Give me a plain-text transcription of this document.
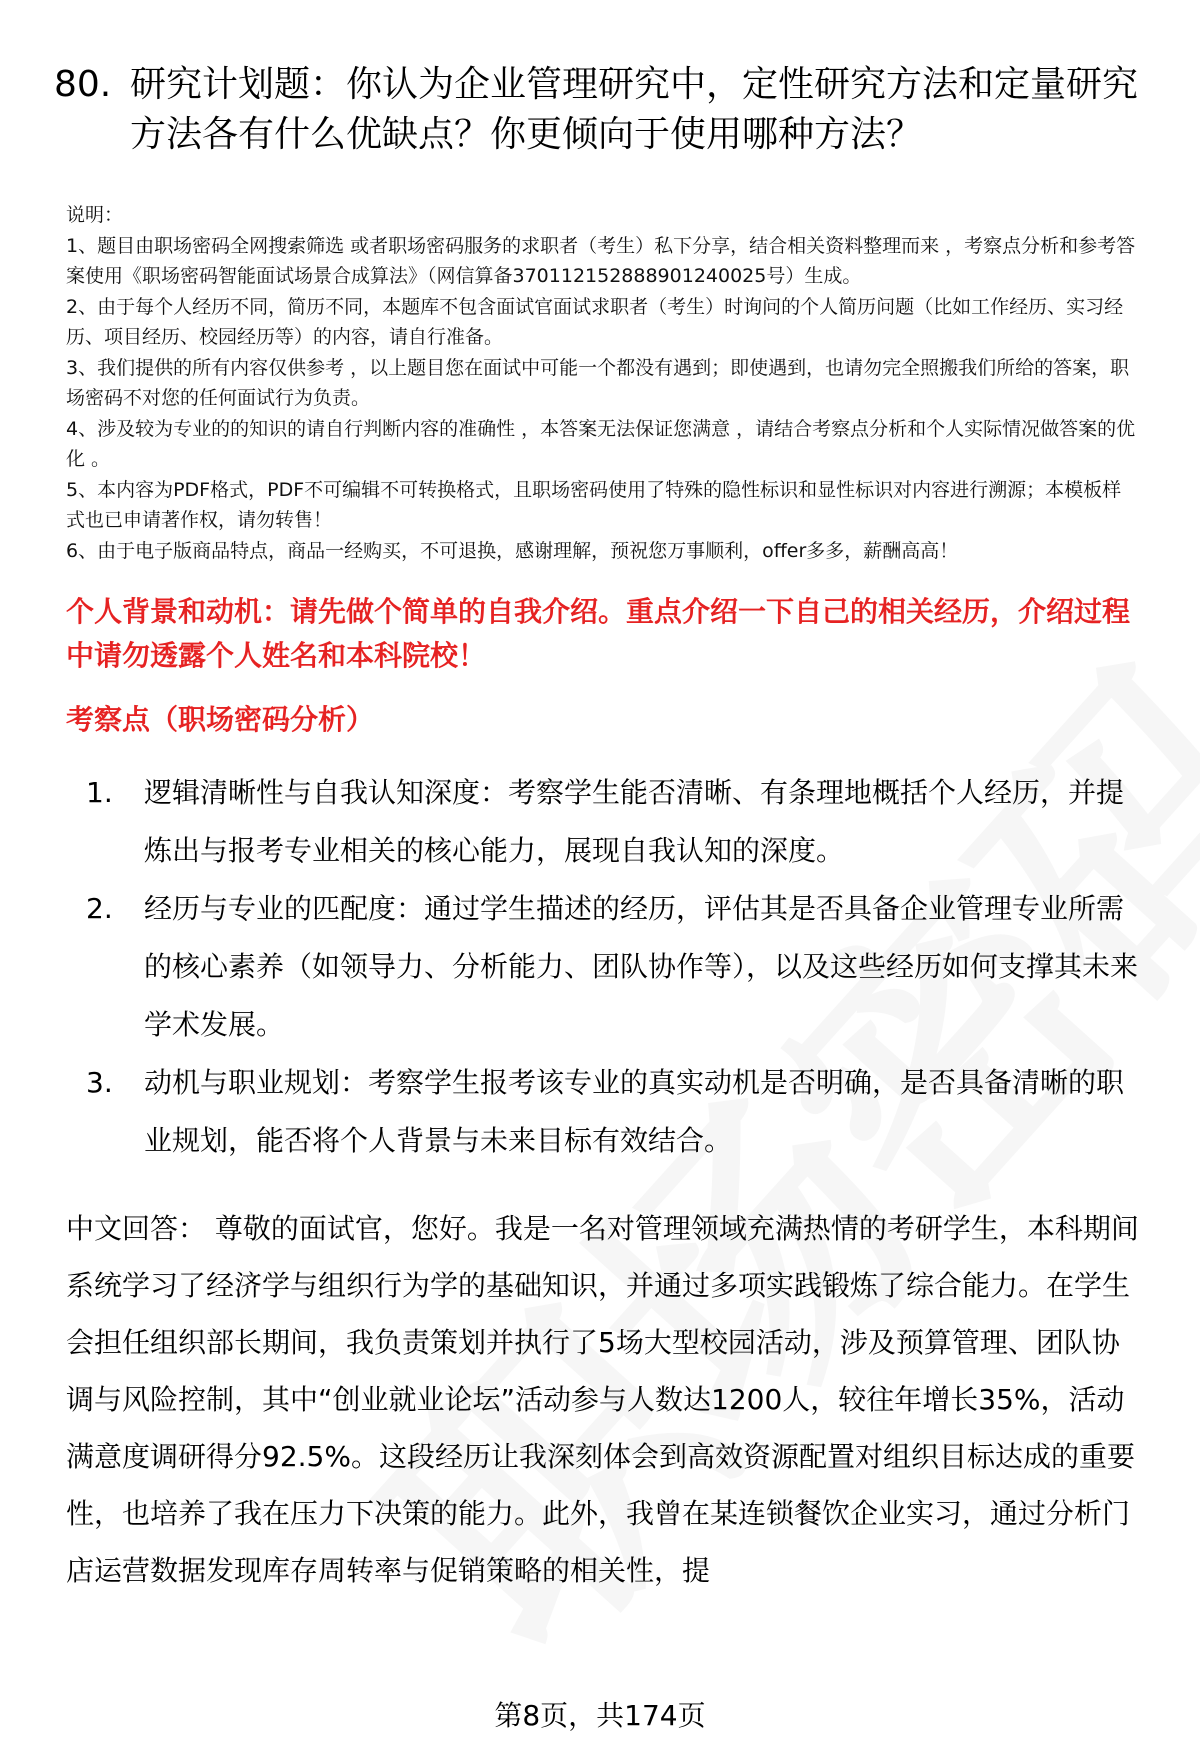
80. 研究计划题：你认为企业管理研究中，定性研究方法和定量研究方法各有什么优缺点？你更倾向于使用哪种方法？

说明：

1、题目由职场密码全网搜索筛选 或者职场密码服务的求职者（考生）私下分享，结合相关资料整理而来 ，考察点分析和参考答案使用《职场密码智能面试场景合成算法》（网信算备370112152888901240025号）生成。

2、由于每个人经历不同，简历不同，本题库不包含面试官面试求职者（考生）时询问的个人简历问题（比如工作经历、实习经历、项目经历、校园经历等）的内容，请自行准备。

3、我们提供的所有内容仅供参考 ，以上题目您在面试中可能一个都没有遇到；即使遇到，也请勿完全照搬我们所给的答案，职场密码不对您的任何面试行为负责。

4、涉及较为专业的的知识的请自行判断内容的准确性 ，本答案无法保证您满意 ，请结合考察点分析和个人实际情况做答案的优化 。

5、本内容为PDF格式，PDF不可编辑不可转换格式，且职场密码使用了特殊的隐性标识和显性标识对内容进行溯源；本模板样式也已申请著作权，请勿转售！

6、由于电子版商品特点，商品一经购买，不可退换，感谢理解，预祝您万事顺利，offer多多，薪酬高高！

个人背景和动机：请先做个简单的自我介绍。重点介绍一下自己的相关经历，介绍过程中请勿透露个人姓名和本科院校！
考察点（职场密码分析）
1.	逻辑清晰性与自我认知深度：考察学生能否清晰、有条理地概括个人经历，并提炼出与报考专业相关的核心能力，展现自我认知的深度。
2.	经历与专业的匹配度：通过学生描述的经历，评估其是否具备企业管理专业所需的核心素养（如领导力、分析能力、团队协作等），以及这些经历如何支撑其未来学术发展。
3.	动机与职业规划：考察学生报考该专业的真实动机是否明确，是否具备清晰的职业规划，能否将个人背景与未来目标有效结合。

中文回答： 尊敬的面试官，您好。我是一名对管理领域充满热情的考研学生，本科期间系统学习了经济学与组织行为学的基础知识，并通过多项实践锻炼了综合能力。在学生会担任组织部长期间，我负责策划并执行了5场大型校园活动，涉及预算管理、团队协调与风险控制，其中“创业就业论坛”活动参与人数达1200人，较往年增长35%，活动满意度调研得分92.5%。这段经历让我深刻体会到高效资源配置对组织目标达成的重要性，也培养了我在压力下决策的能力。此外，我曾在某连锁餐饮企业实习，通过分析门店运营数据发现库存周转率与促销策略的相关性，提

第8页，共174页
